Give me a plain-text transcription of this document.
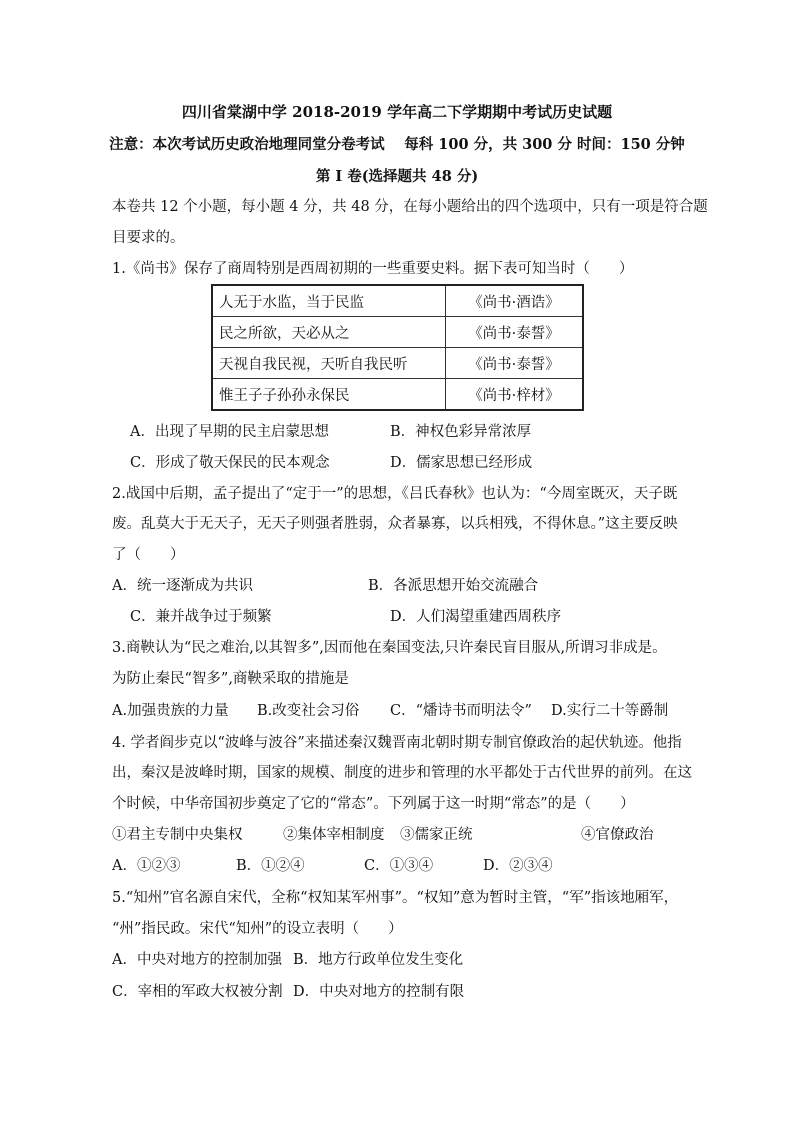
四川省棠湖中学 2018-2019 学年高二下学期期中考试历史试题
注意：本次考试历史政治地理同堂分卷考试　 每科 100 分，共 300 分 时间：150 分钟
第 I 卷(选择题共 48 分)
本卷共 12 个小题，每小题 4 分，共 48 分，在每小题给出的四个选项中，只有一项是符合题
目要求的。
1.《尚书》保存了商周特别是西周初期的一些重要史料。据下表可知当时（　　）
人无于水监，当于民监	《尚书·酒诰》
民之所欲，天必从之	《尚书·泰誓》
天视自我民视，天听自我民听	《尚书·泰誓》
惟王子子孙孙永保民	《尚书·梓材》
A．出现了早期的民主启蒙思想	B．神权色彩异常浓厚
C．形成了敬天保民的民本观念	D．儒家思想已经形成
2.战国中后期，孟子提出了“定于一”的思想，《吕氏春秋》也认为：“今周室既灭，天子既
废。乱莫大于无天子，无天子则强者胜弱，众者暴寡，以兵相残，不得休息。”这主要反映
了（　　）
A．统一逐渐成为共识	B．各派思想开始交流融合
C．兼并战争过于频繁	D．人们渴望重建西周秩序
3.商鞅认为“民之难治,以其智多”,因而他在秦国变法,只许秦民盲目服从,所谓习非成是。
为防止秦民“智多”,商鞅采取的措施是
A.加强贵族的力量 B.改变社会习俗 C．“燔诗书而明法令” D.实行二十等爵制
4. 学者阎步克以“波峰与波谷”来描述秦汉魏晋南北朝时期专制官僚政治的起伏轨迹。他指
出，秦汉是波峰时期，国家的规模、制度的进步和管理的水平都处于古代世界的前列。在这
个时候，中华帝国初步奠定了它的“常态”。下列属于这一时期“常态”的是（　　）
①君主专制中央集权	②集体宰相制度 ③儒家正统	④官僚政治
A．①②③	B．①②④	C．①③④	D．②③④
5.“知州”官名源自宋代，全称“权知某军州事”。“权知”意为暂时主管，“军”指该地厢军，
“州”指民政。宋代“知州”的设立表明（　　）
A．中央对地方的控制加强 B．地方行政单位发生变化
C．宰相的军政大权被分割 D．中央对地方的控制有限
